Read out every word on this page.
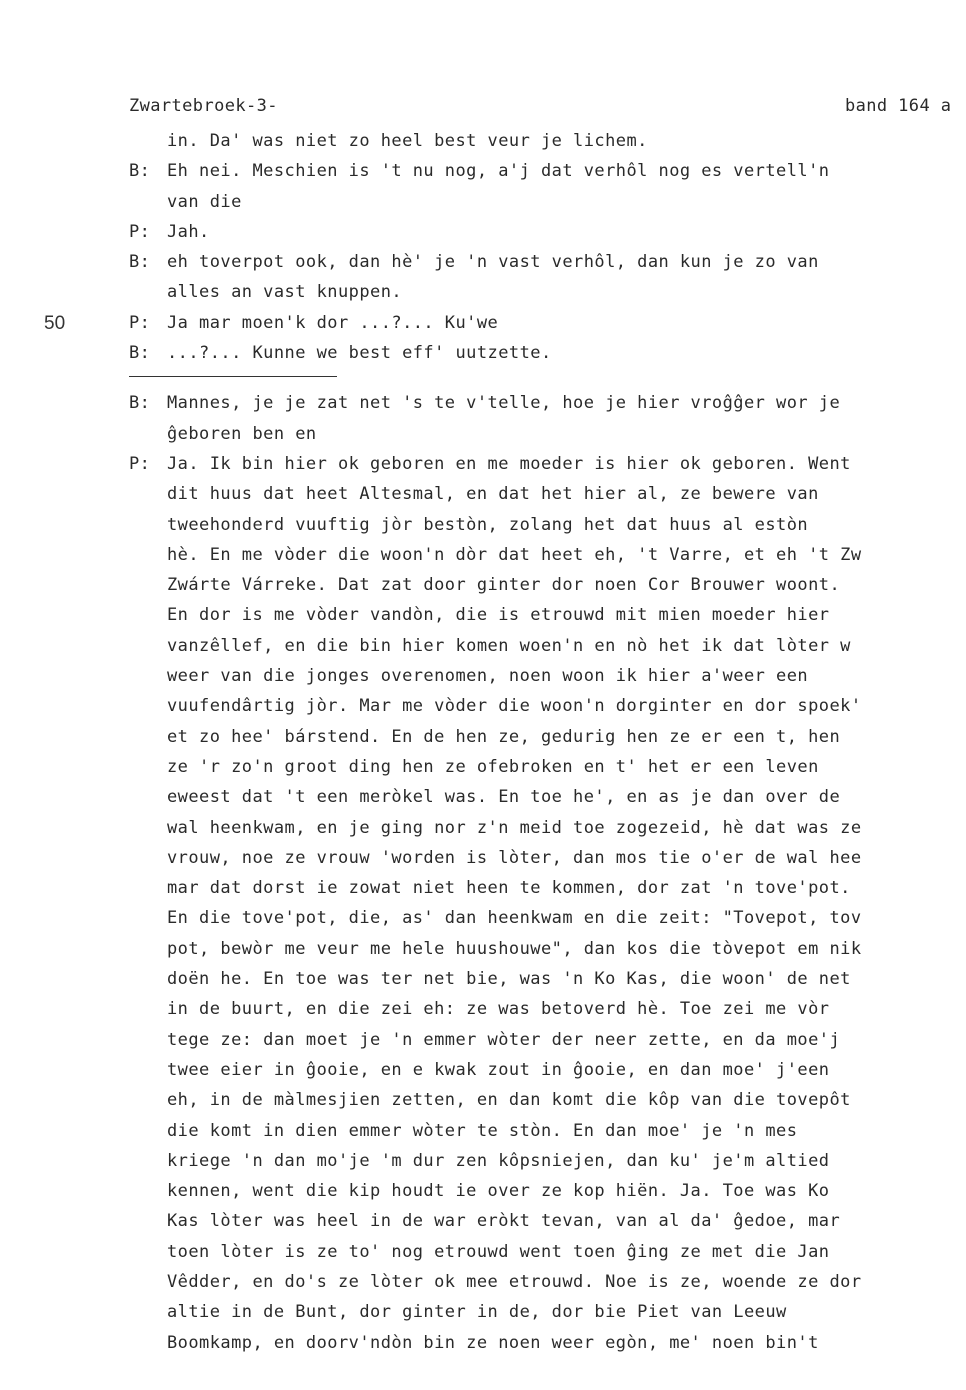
Zwartebroek-3-	band 164 a
50
in. Da' was niet zo heel best veur je lichem.
B: Eh nei. Meschien is 't nu nog, a'j dat verhôl nog es vertell'n
van die
P: Jah.
B: eh toverpot ook, dan hè' je 'n vast verhôl, dan kun je zo van
alles an vast knuppen.
P: Ja mar moen'k dor ...?... Ku'we
B: ...?... Kunne we best eff' uutzette.
B: Mannes, je je zat net 's te v'telle, hoe je hier vroĝĝer wor je
ĝeboren ben en
P: Ja. Ik bin hier ok geboren en me moeder is hier ok geboren. Went
dit huus dat heet Altesmal, en dat het hier al, ze bewere van
tweehonderd vuuftig jòr bestòn, zolang het dat huus al estòn
hè. En me vòder die woon'n dòr dat heet eh, 't Varre, et eh 't Zw
Zwárte Várreke. Dat zat door ginter dor noen Cor Brouwer woont.
En dor is me vòder vandòn, die is etrouwd mit mien moeder hier
vanzêllef, en die bin hier komen woen'n en nò het ik dat lòter w
weer van die jonges overenomen, noen woon ik hier a'weer een
vuufendârtig jòr. Mar me vòder die woon'n dorginter en dor spoek'
et zo hee' bárstend. En de hen ze, gedurig hen ze er een t, hen
ze 'r zo'n groot ding hen ze ofebroken en t' het er een leven
eweest dat 't een meròkel was. En toe he', en as je dan over de
wal heenkwam, en je ging nor z'n meid toe zogezeid, hè dat was ze
vrouw, noe ze vrouw 'worden is lòter, dan mos tie o'er de wal hee
mar dat dorst ie zowat niet heen te kommen, dor zat 'n tove'pot.
En die tove'pot, die, as' dan heenkwam en die zeit: "Tovepot, tov
pot, bewòr me veur me hele huushouwe", dan kos die tòvepot em nik
doën he. En toe was ter net bie, was 'n Ko Kas, die woon' de net
in de buurt, en die zei eh: ze was betoverd hè. Toe zei me vòr
tege ze: dan moet je 'n emmer wòter der neer zette, en da moe'j
twee eier in ĝooie, en e kwak zout in ĝooie, en dan moe' j'een
eh, in de màlmesjien zetten, en dan komt die kôp van die tovepôt
die komt in dien emmer wòter te stòn. En dan moe' je 'n mes
kriege 'n dan mo'je 'm dur zen kôpsniejen, dan ku' je'm altied
kennen, went die kip houdt ie over ze kop hiën. Ja. Toe was Ko
Kas lòter was heel in de war eròkt tevan, van al da' ĝedoe, mar
toen lòter is ze to' nog etrouwd went toen ĝing ze met die Jan
Vêdder, en do's ze lòter ok mee etrouwd. Noe is ze, woende ze dor
altie in de Bunt, dor ginter in de, dor bie Piet van Leeuw
Boomkamp, en doorv'ndòn bin ze noen weer egòn, me' noen bin't
